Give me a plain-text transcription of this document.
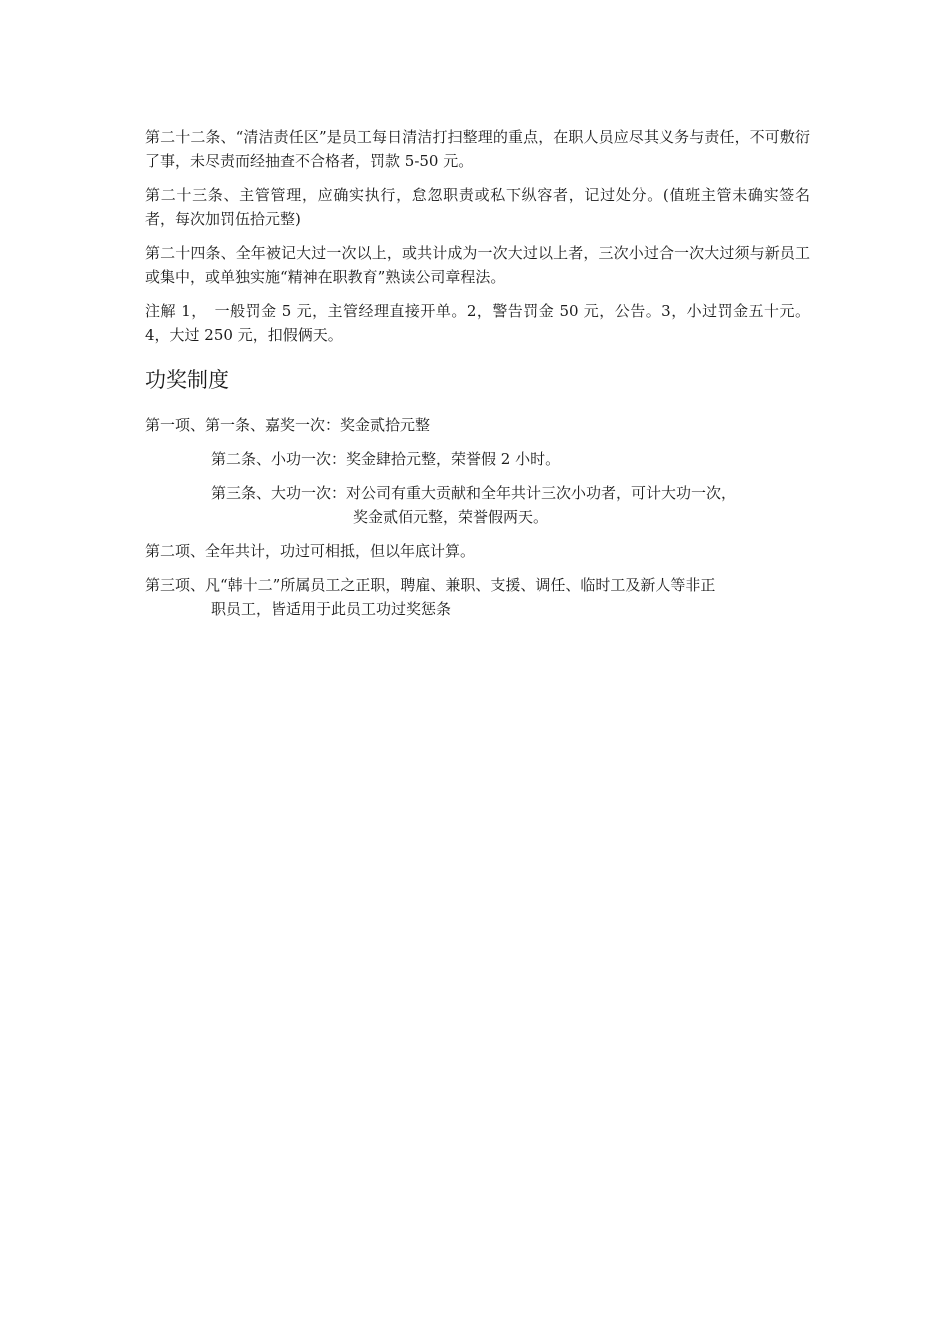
第二十二条、“清洁责任区”是员工每日清洁打扫整理的重点，在职人员应尽其义务与责任，不可敷衍了事，未尽责而经抽查不合格者，罚款 5-50 元。

第二十三条、主管管理，应确实执行，怠忽职责或私下纵容者，记过处分。(值班主管未确实签名者，每次加罚伍拾元整)

第二十四条、全年被记大过一次以上，或共计成为一次大过以上者，三次小过合一次大过须与新员工或集中，或单独实施“精神在职教育”熟读公司章程法。

注解 1，　一般罚金 5 元，主管经理直接开单。2，警告罚金 50 元，公告。3，小过罚金五十元。4，大过 250 元，扣假俩天。

功奖制度

第一项、第一条、嘉奖一次：奖金贰拾元整

第二条、小功一次：奖金肆拾元整，荣誉假 2 小时。

第三条、大功一次：对公司有重大贡献和全年共计三次小功者，可计大功一次，
奖金贰佰元整，荣誉假两天。

第二项、全年共计，功过可相抵，但以年底计算。

第三项、凡“韩十二”所属员工之正职，聘雇、兼职、支援、调任、临时工及新人等非正
职员工，皆适用于此员工功过奖惩条
